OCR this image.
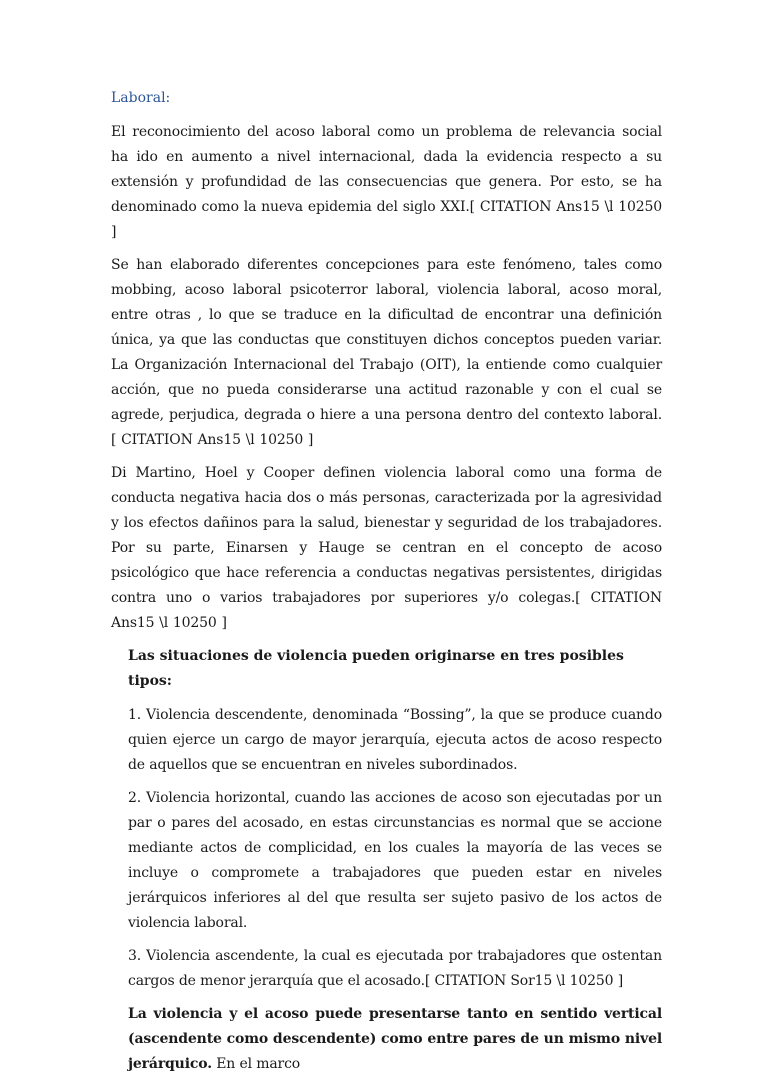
Laboral:

El reconocimiento del acoso laboral como un problema de relevancia social ha ido en aumento a nivel internacional, dada la evidencia respecto a su extensión y profundidad de las consecuencias que genera. Por esto, se ha denominado como la nueva epidemia del siglo XXI.[ CITATION Ans15 \l 10250 ]

Se han elaborado diferentes concepciones para este fenómeno, tales como mobbing, acoso laboral psicoterror laboral, violencia laboral, acoso moral, entre otras , lo que se traduce en la dificultad de encontrar una definición única, ya que las conductas que constituyen dichos conceptos pueden variar. La Organización Internacional del Trabajo (OIT), la entiende como cualquier acción, que no pueda considerarse una actitud razonable y con el cual se agrede, perjudica, degrada o hiere a una persona dentro del contexto laboral.[ CITATION Ans15 \l 10250 ]

Di Martino, Hoel y Cooper definen violencia laboral como una forma de conducta negativa hacia dos o más personas, caracterizada por la agresividad y los efectos dañinos para la salud, bienestar y seguridad de los trabajadores. Por su parte, Einarsen y Hauge se centran en el concepto de acoso psicológico que hace referencia a conductas negativas persistentes, dirigidas contra uno o varios trabajadores por superiores y/o colegas.[ CITATION Ans15 \l 10250 ]

Las situaciones de violencia pueden originarse en tres posibles tipos:

1. Violencia descendente, denominada “Bossing”, la que se produce cuando quien ejerce un cargo de mayor jerarquía, ejecuta actos de acoso respecto de aquellos que se encuentran en niveles subordinados.

2. Violencia horizontal, cuando las acciones de acoso son ejecutadas por un par o pares del acosado, en estas circunstancias es normal que se accione mediante actos de complicidad, en los cuales la mayoría de las veces se incluye o compromete a trabajadores que pueden estar en niveles jerárquicos inferiores al del que resulta ser sujeto pasivo de los actos de violencia laboral.

3. Violencia ascendente, la cual es ejecutada por trabajadores que ostentan cargos de menor jerarquía que el acosado.[ CITATION Sor15 \l 10250 ]

La violencia y el acoso puede presentarse tanto en sentido vertical (ascendente como descendente) como entre pares de un mismo nivel jerárquico. En el marco
